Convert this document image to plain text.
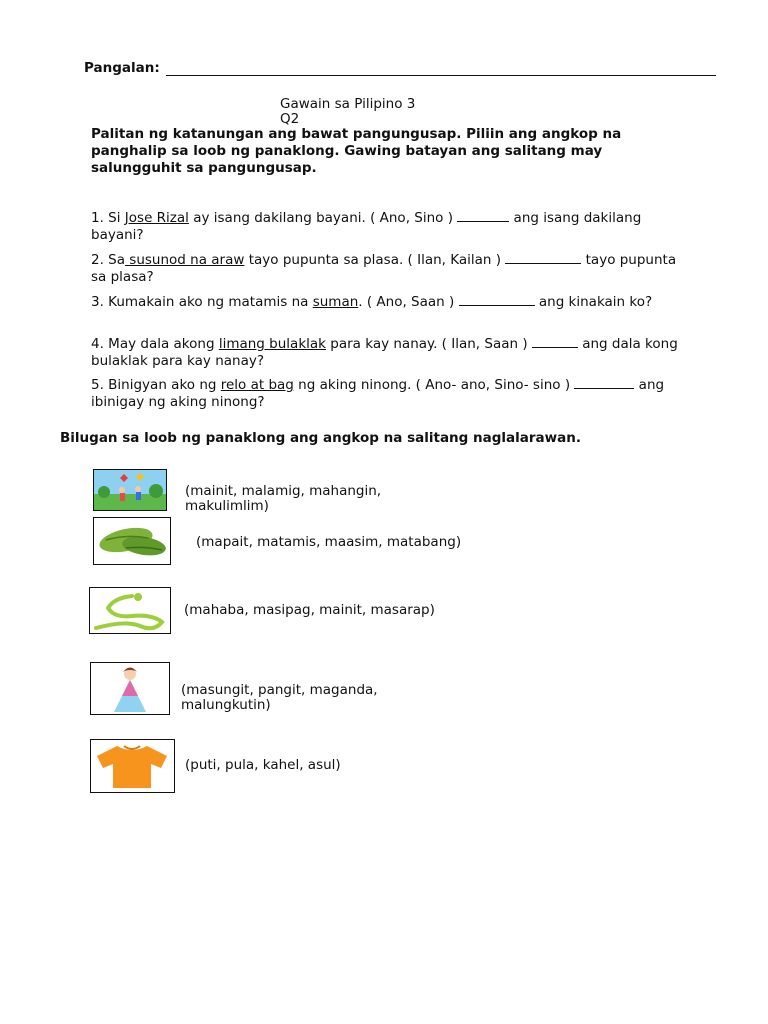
Pangalan:
Gawain sa Pilipino 3
Q2
Palitan ng katanungan ang bawat pangungusap. Piliin ang angkop na panghalip sa loob ng panaklong. Gawing batayan ang salitang may salungguhit sa pangungusap.
1. Si Jose Rizal ay isang dakilang bayani. ( Ano, Sino )	ang isang dakilang bayani?
2. Sa susunod na araw tayo pupunta sa plasa. ( Ilan, Kailan )	tayo pupunta sa plasa?
3. Kumakain ako ng matamis na suman. ( Ano, Saan )	ang kinakain ko?
4. May dala akong limang bulaklak para kay nanay. ( Ilan, Saan )	ang dala kong bulaklak para kay nanay?
5. Binigyan ako ng relo at bag ng aking ninong. ( Ano- ano, Sino- sino )	ang ibinigay ng aking ninong?
Bilugan sa loob ng panaklong ang angkop na salitang naglalarawan.
(mainit, malamig, mahangin, makulimlim)
(mapait, matamis, maasim, matabang)
(mahaba, masipag, mainit, masarap)
(masungit, pangit, maganda, malungkutin)
(puti, pula, kahel, asul)
